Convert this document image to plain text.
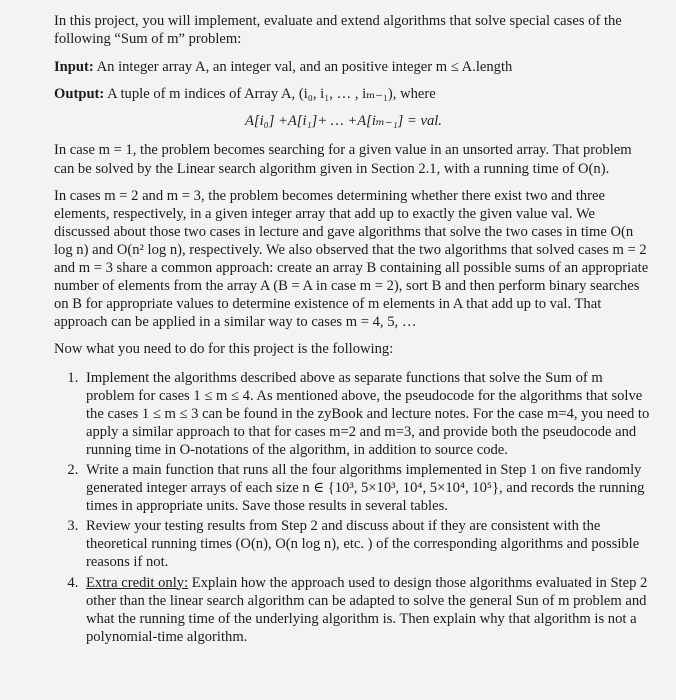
In this project, you will implement, evaluate and extend algorithms that solve special cases of the following “Sum of m” problem:

Input: An integer array A, an integer val, and an positive integer m ≤ A.length

Output: A tuple of m indices of Array A, (i₀, i₁, … , iₘ₋₁), where

A[i₀] +A[i₁]+ … +A[iₘ₋₁] = val.

In case m = 1, the problem becomes searching for a given value in an unsorted array. That problem can be solved by the Linear search algorithm given in Section 2.1, with a running time of O(n).

In cases m = 2 and m = 3, the problem becomes determining whether there exist two and three elements, respectively, in a given integer array that add up to exactly the given value val. We discussed about those two cases in lecture and gave algorithms that solve the two cases in time O(n log n) and O(n² log n), respectively. We also observed that the two algorithms that solved cases m = 2 and m = 3 share a common approach: create an array B containing all possible sums of an appropriate number of elements from the array A (B = A in case m = 2), sort B and then perform binary searches on B for appropriate values to determine existence of m elements in A that add up to val. That approach can be applied in a similar way to cases m = 4, 5, …

Now what you need to do for this project is the following:

1. Implement the algorithms described above as separate functions that solve the Sum of m problem for cases 1 ≤ m ≤ 4. As mentioned above, the pseudocode for the algorithms that solve the cases 1 ≤ m ≤ 3 can be found in the zyBook and lecture notes. For the case m=4, you need to apply a similar approach to that for cases m=2 and m=3, and provide both the pseudocode and running time in O-notations of the algorithm, in addition to source code.
2. Write a main function that runs all the four algorithms implemented in Step 1 on five randomly generated integer arrays of each size n ∈ {10³, 5×10³, 10⁴, 5×10⁴, 10⁵}, and records the running times in appropriate units. Save those results in several tables.
3. Review your testing results from Step 2 and discuss about if they are consistent with the theoretical running times (O(n), O(n log n), etc. ) of the corresponding algorithms and possible reasons if not.
4. Extra credit only: Explain how the approach used to design those algorithms evaluated in Step 2 other than the linear search algorithm can be adapted to solve the general Sun of m problem and what the running time of the underlying algorithm is. Then explain why that algorithm is not a polynomial-time algorithm.
